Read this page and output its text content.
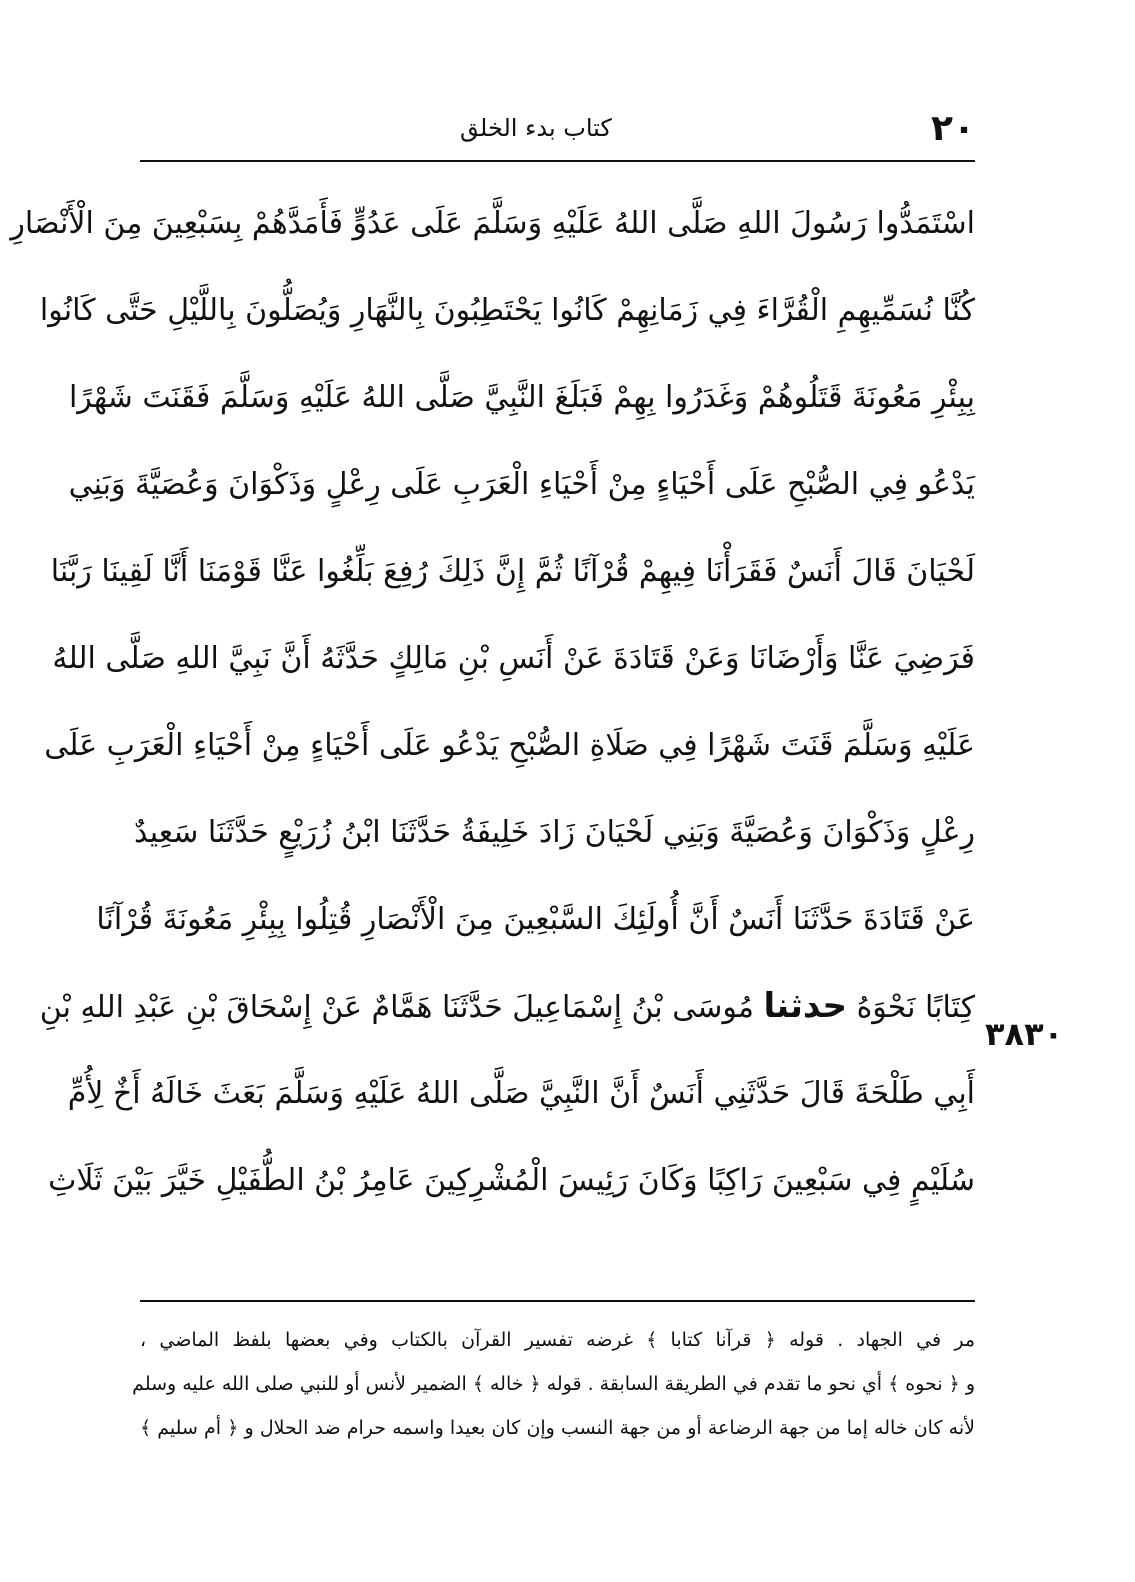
٢٠
كتاب بدء الخلق
اسْتَمَدُّوا رَسُولَ اللهِ صَلَّى اللهُ عَلَيْهِ وَسَلَّمَ عَلَى عَدُوٍّ فَأَمَدَّهُمْ بِسَبْعِينَ مِنَ الْأَنْصَارِ
كُنَّا نُسَمِّيهِمِ الْقُرَّاءَ فِي زَمَانِهِمْ كَانُوا يَحْتَطِبُونَ بِالنَّهَارِ وَيُصَلُّونَ بِاللَّيْلِ حَتَّى كَانُوا
بِبِئْرِ مَعُونَةَ قَتَلُوهُمْ وَغَدَرُوا بِهِمْ فَبَلَغَ النَّبِيَّ صَلَّى اللهُ عَلَيْهِ وَسَلَّمَ فَقَنَتَ شَهْرًا
يَدْعُو فِي الصُّبْحِ عَلَى أَحْيَاءٍ مِنْ أَحْيَاءِ الْعَرَبِ عَلَى رِعْلٍ وَذَكْوَانَ وَعُصَيَّةَ وَبَنِي
لَحْيَانَ قَالَ أَنَسٌ فَقَرَأْنَا فِيهِمْ قُرْآنًا ثُمَّ إِنَّ ذَلِكَ رُفِعَ بَلِّغُوا عَنَّا قَوْمَنَا أَنَّا لَقِينَا رَبَّنَا
فَرَضِيَ عَنَّا وَأَرْضَانَا وَعَنْ قَتَادَةَ عَنْ أَنَسِ بْنِ مَالِكٍ حَدَّثَهُ أَنَّ نَبِيَّ اللهِ صَلَّى اللهُ
عَلَيْهِ وَسَلَّمَ قَنَتَ شَهْرًا فِي صَلَاةِ الصُّبْحِ يَدْعُو عَلَى أَحْيَاءٍ مِنْ أَحْيَاءِ الْعَرَبِ عَلَى
رِعْلٍ وَذَكْوَانَ وَعُصَيَّةَ وَبَنِي لَحْيَانَ زَادَ خَلِيفَةُ حَدَّثَنَا ابْنُ زُرَيْعٍ حَدَّثَنَا سَعِيدٌ
عَنْ قَتَادَةَ حَدَّثَنَا أَنَسٌ أَنَّ أُولَئِكَ السَّبْعِينَ مِنَ الْأَنْصَارِ قُتِلُوا بِبِئْرِ مَعُونَةَ قُرْآنًا
كِتَابًا نَحْوَهُ حدثنا مُوسَى بْنُ إِسْمَاعِيلَ حَدَّثَنَا هَمَّامٌ عَنْ إِسْحَاقَ بْنِ عَبْدِ اللهِ بْنِ
أَبِي طَلْحَةَ قَالَ حَدَّثَنِي أَنَسٌ أَنَّ النَّبِيَّ صَلَّى اللهُ عَلَيْهِ وَسَلَّمَ بَعَثَ خَالَهُ أَخٌ لِأُمِّ
سُلَيْمٍ فِي سَبْعِينَ رَاكِبًا وَكَانَ رَئِيسَ الْمُشْرِكِينَ عَامِرُ بْنُ الطُّفَيْلِ خَيَّرَ بَيْنَ ثَلَاثِ
٣٨٣٠
مر في الجهاد . قوله ﴿ قرآنا كتابا ﴾ غرضه تفسير القرآن بالكتاب وفي بعضها بلفظ الماضي ،
و ﴿ نحوه ﴾ أي نحو ما تقدم في الطريقة السابقة . قوله ﴿ خاله ﴾ الضمير لأنس أو للنبي صلى الله عليه وسلم
لأنه كان خاله إما من جهة الرضاعة أو من جهة النسب وإن كان بعيدا واسمه حرام ضد الحلال و ﴿ أم سليم ﴾
